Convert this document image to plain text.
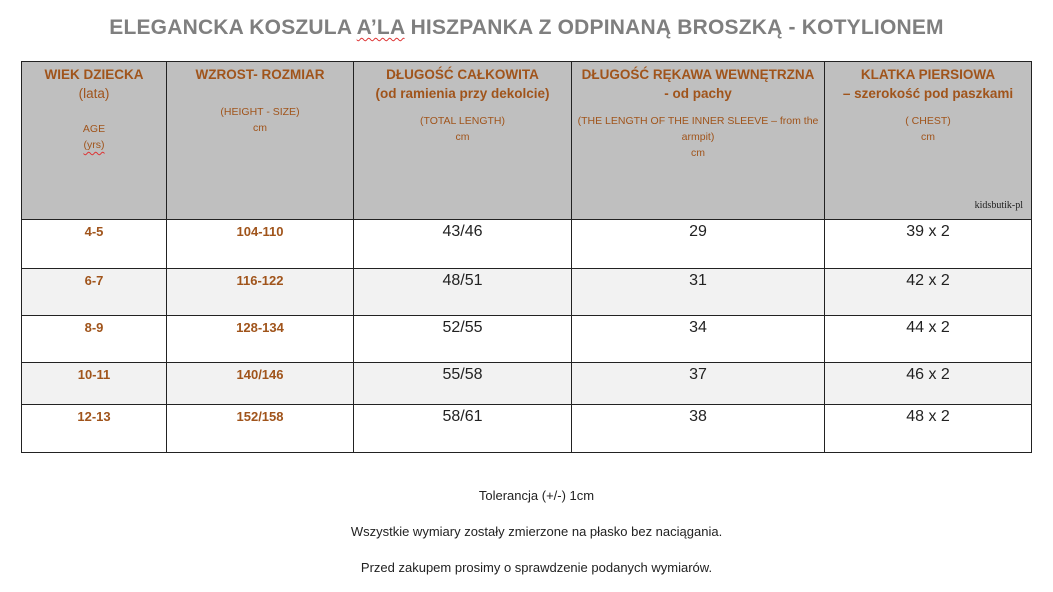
ELEGANCKA KOSZULA A’LA HISZPANKA Z ODPINANĄ BROSZKĄ - KOTYLIONEM
WIEK DZIECKA
(lata)
AGE
(yrs)	WZROST- ROZMIAR
(HEIGHT - SIZE)
cm	DŁUGOŚĆ CAŁKOWITA
(od ramienia przy dekolcie)
(TOTAL LENGTH)
cm	DŁUGOŚĆ RĘKAWA WEWNĘTRZNA
- od pachy
(THE LENGTH OF THE INNER SLEEVE – from the armpit)
cm	KLATKA PIERSIOWA
– szerokość pod paszkami
( CHEST)
cm
kidsbutik-pl

4-5	104-110	43/46	29	39 x 2
6-7	116-122	48/51	31	42 x 2
8-9	128-134	52/55	34	44 x 2
10-11	140/146	55/58	37	46 x 2
12-13	152/158	58/61	38	48 x 2
Tolerancja (+/-) 1cm
Wszystkie wymiary zostały zmierzone na płasko bez naciągania.
Przed zakupem prosimy o sprawdzenie podanych wymiarów.
